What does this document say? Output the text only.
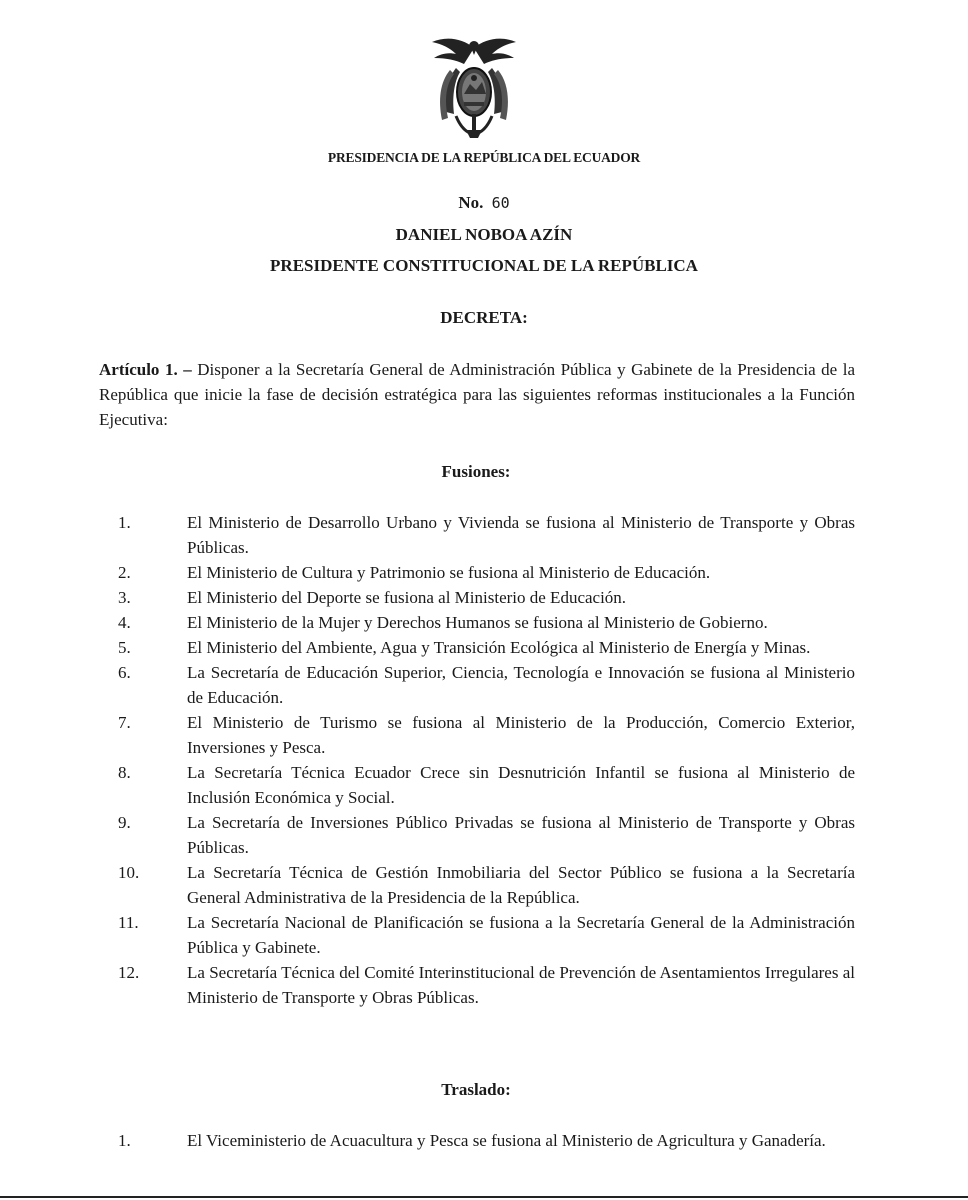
PRESIDENCIA DE LA REPÚBLICA DEL ECUADOR
No. 60
DANIEL NOBOA AZÍN
PRESIDENTE CONSTITUCIONAL DE LA REPÚBLICA
DECRETA:
Artículo 1. – Disponer a la Secretaría General de Administración Pública y Gabinete de la Presidencia de la República que inicie la fase de decisión estratégica para las siguientes reformas institucionales a la Función Ejecutiva:
Fusiones:
1.	El Ministerio de Desarrollo Urbano y Vivienda se fusiona al Ministerio de Transporte y Obras Públicas.
2.	El Ministerio de Cultura y Patrimonio se fusiona al Ministerio de Educación.
3.	El Ministerio del Deporte se fusiona al Ministerio de Educación.
4.	El Ministerio de la Mujer y Derechos Humanos se fusiona al Ministerio de Gobierno.
5.	El Ministerio del Ambiente, Agua y Transición Ecológica al Ministerio de Energía y Minas.
6.	La Secretaría de Educación Superior, Ciencia, Tecnología e Innovación se fusiona al Ministerio de Educación.
7.	El Ministerio de Turismo se fusiona al Ministerio de la Producción, Comercio Exterior, Inversiones y Pesca.
8.	La Secretaría Técnica Ecuador Crece sin Desnutrición Infantil se fusiona al Ministerio de Inclusión Económica y Social.
9.	La Secretaría de Inversiones Público Privadas se fusiona al Ministerio de Transporte y Obras Públicas.
10.	La Secretaría Técnica de Gestión Inmobiliaria del Sector Público se fusiona a la Secretaría General Administrativa de la Presidencia de la República.
11.	La Secretaría Nacional de Planificación se fusiona a la Secretaría General de la Administración Pública y Gabinete.
12.	La Secretaría Técnica del Comité Interinstitucional de Prevención de Asentamientos Irregulares al Ministerio de Transporte y Obras Públicas.
Traslado:
1.	El Viceministerio de Acuacultura y Pesca se fusiona al Ministerio de Agricultura y Ganadería.
